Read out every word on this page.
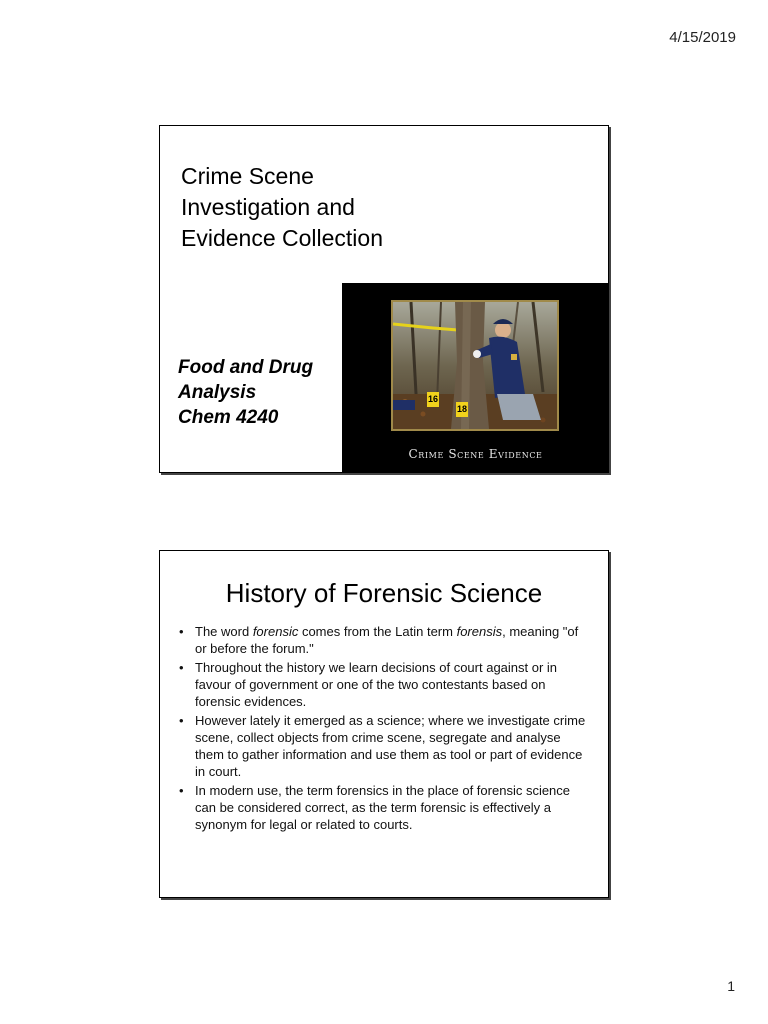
4/15/2019
Crime Scene
Investigation and
Evidence Collection
Food and Drug
Analysis
Chem 4240
16
18
Crime Scene Evidence
History of Forensic Science
• The word forensic comes from the Latin term forensis, meaning "of or before the forum."
• Throughout the history we learn decisions of court against or in favour of government or one of the two contestants based on forensic evidences.
• However lately it emerged as a science; where we investigate crime scene, collect objects from crime scene, segregate and analyse them to gather information and use them as tool or part of evidence in court.
• In modern use, the term forensics in the place of forensic science can be considered correct, as the term forensic is effectively a synonym for legal or related to courts.
1
